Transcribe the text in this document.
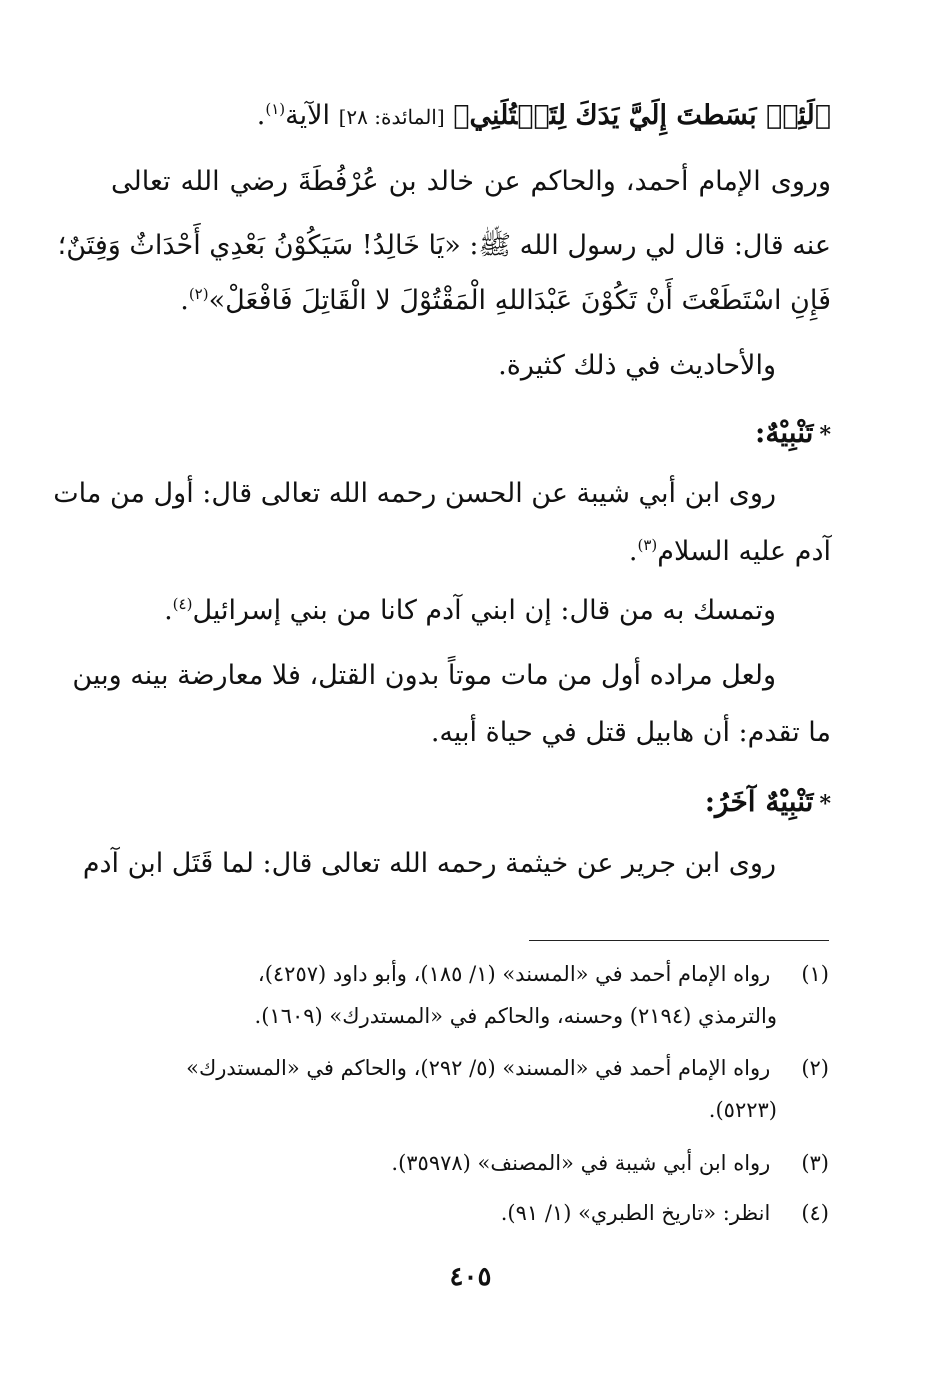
﴿لَئِنۢ بَسَطتَ إِلَيَّ يَدَكَ لِتَقۡتُلَنِي﴾ [المائدة: ٢٨] الآية$^{(١)}$.
وروى الإمام أحمد، والحاكم عن خالد بن عُرْفُطَةَ رضي الله تعالى
عنه قال: قال لي رسول الله ﷺ: «يَا خَالِدُ! سَيَكُوْنُ بَعْدِي أَحْدَاثٌ وَفِتَنٌ؛
فَإِنِ اسْتَطَعْتَ أَنْ تَكُوْنَ عَبْدَاللهِ الْمَقْتُوْلَ لا الْقَاتِلَ فَافْعَلْ»$^{(٢)}$.
والأحاديث في ذلك كثيرة.
*تَنْبِيْهٌ:
روى ابن أبي شيبة عن الحسن رحمه الله تعالى قال: أول من مات
آدم عليه السلام$^{(٣)}$.
وتمسك به من قال: إن ابني آدم كانا من بني إسرائيل$^{(٤)}$.
ولعل مراده أول من مات موتاً بدون القتل، فلا معارضة بينه وبين
ما تقدم: أن هابيل قتل في حياة أبيه.
*تَنْبِيْهٌ آخَرُ:
روى ابن جرير عن خيثمة رحمه الله تعالى قال: لما قَتَل ابن آدم
(١) رواه الإمام أحمد في «المسند» (١/ ١٨٥)، وأبو داود (٤٢٥٧)،
والترمذي (٢١٩٤) وحسنه، والحاكم في «المستدرك» (١٦٠٩).
(٢) رواه الإمام أحمد في «المسند» (٥/ ٢٩٢)، والحاكم في «المستدرك»
(٥٢٢٣).
(٣) رواه ابن أبي شيبة في «المصنف» (٣٥٩٧٨).
(٤) انظر: «تاريخ الطبري» (١/ ٩١).
٤٠٥
